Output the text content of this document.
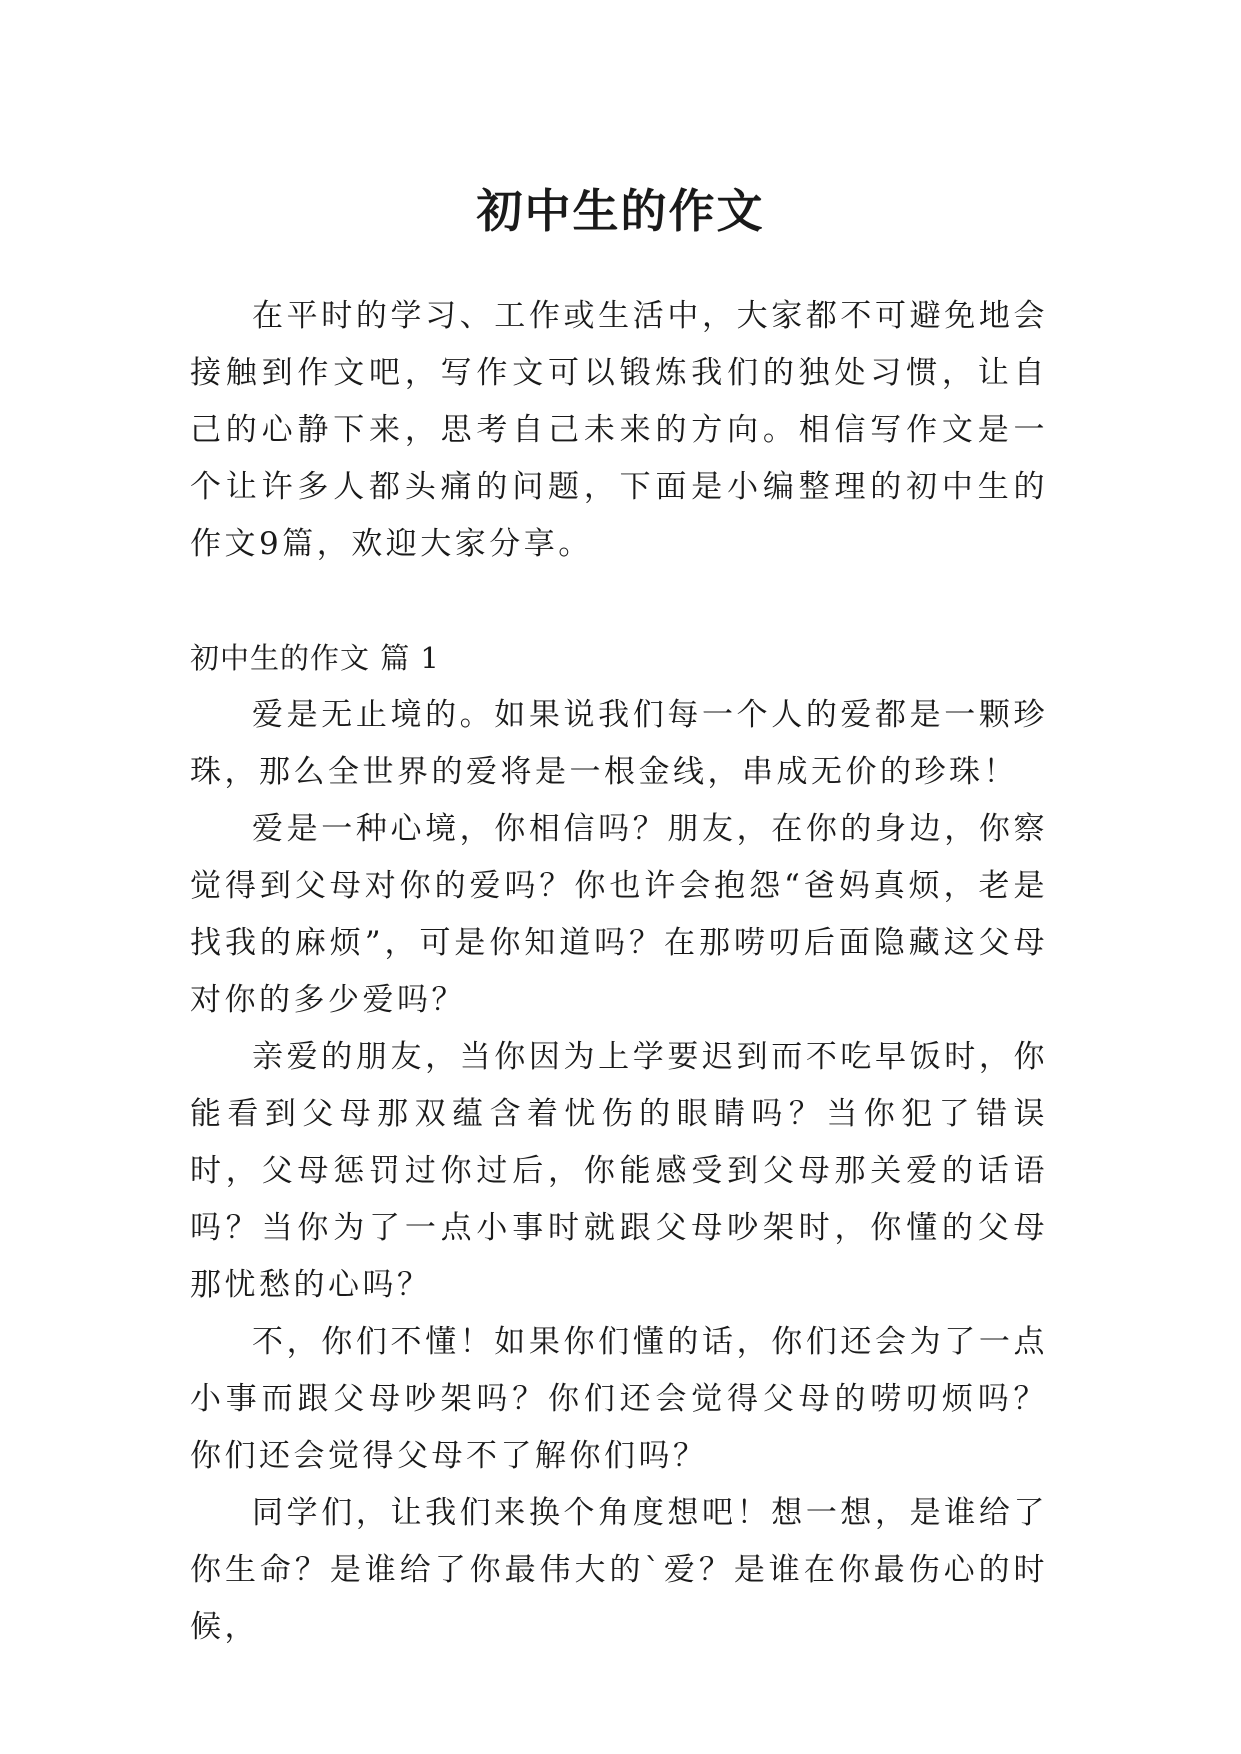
初中生的作文

在平时的学习、工作或生活中，大家都不可避免地会接触到作文吧，写作文可以锻炼我们的独处习惯，让自己的心静下来，思考自己未来的方向。相信写作文是一个让许多人都头痛的问题，下面是小编整理的初中生的作文9篇，欢迎大家分享。

初中生的作文 篇 1

爱是无止境的。如果说我们每一个人的爱都是一颗珍珠，那么全世界的爱将是一根金线，串成无价的珍珠！

爱是一种心境，你相信吗？朋友，在你的身边，你察觉得到父母对你的爱吗？你也许会抱怨“爸妈真烦，老是找我的麻烦”，可是你知道吗？在那唠叨后面隐藏这父母对你的多少爱吗？

亲爱的朋友，当你因为上学要迟到而不吃早饭时，你能看到父母那双蕴含着忧伤的眼睛吗？当你犯了错误时，父母惩罚过你过后，你能感受到父母那关爱的话语吗？当你为了一点小事时就跟父母吵架时，你懂的父母那忧愁的心吗？

不，你们不懂！如果你们懂的话，你们还会为了一点小事而跟父母吵架吗？你们还会觉得父母的唠叨烦吗？你们还会觉得父母不了解你们吗？

同学们，让我们来换个角度想吧！想一想，是谁给了你生命？是谁给了你最伟大的`爱？是谁在你最伤心的时候，
